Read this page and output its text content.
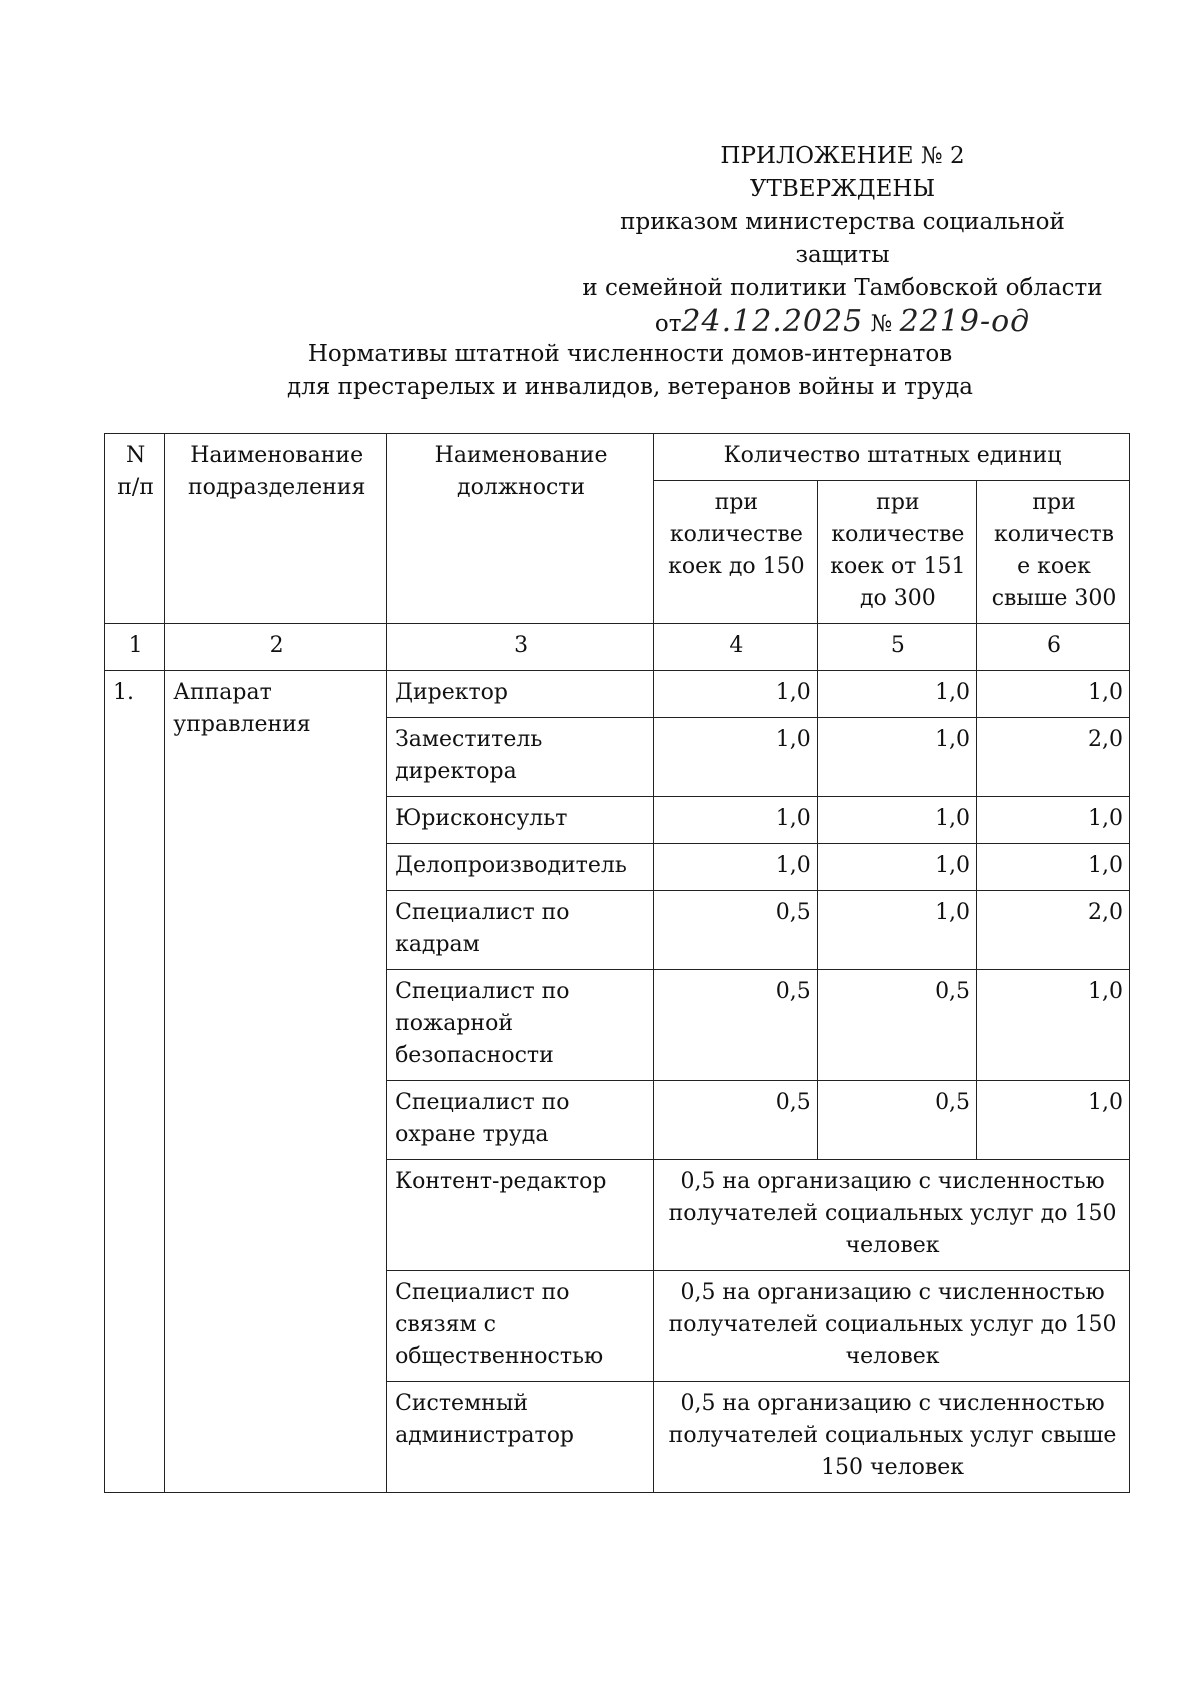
ПРИЛОЖЕНИЕ № 2
УТВЕРЖДЕНЫ
приказом министерства социальной защиты
и семейной политики Тамбовской области
от24.12.2025 № 2219-од
Нормативы штатной численности домов-интернатов
для престарелых и инвалидов, ветеранов войны и труда
N п/п	Наименование подразделения	Наименование должности	Количество штатных единиц		
			при количестве коек до 150	при количестве коек от 151 до 300	при количеств е коек свыше 300
1	2	3	4	5	6
1.	Аппарат управления	Директор	1,0	1,0	1,0
		Заместитель директора	1,0	1,0	2,0
		Юрисконсульт	1,0	1,0	1,0
		Делопроизводитель	1,0	1,0	1,0
		Специалист по кадрам	0,5	1,0	2,0
		Специалист по пожарной безопасности	0,5	0,5	1,0
		Специалист по охране труда	0,5	0,5	1,0
		Контент-редактор	0,5 на организацию с численностью получателей социальных услуг до 150 человек		
		Специалист по связям с общественностью	0,5 на организацию с численностью получателей социальных услуг до 150 человек		
		Системный администратор	0,5 на организацию с численностью получателей социальных услуг свыше 150 человек		
